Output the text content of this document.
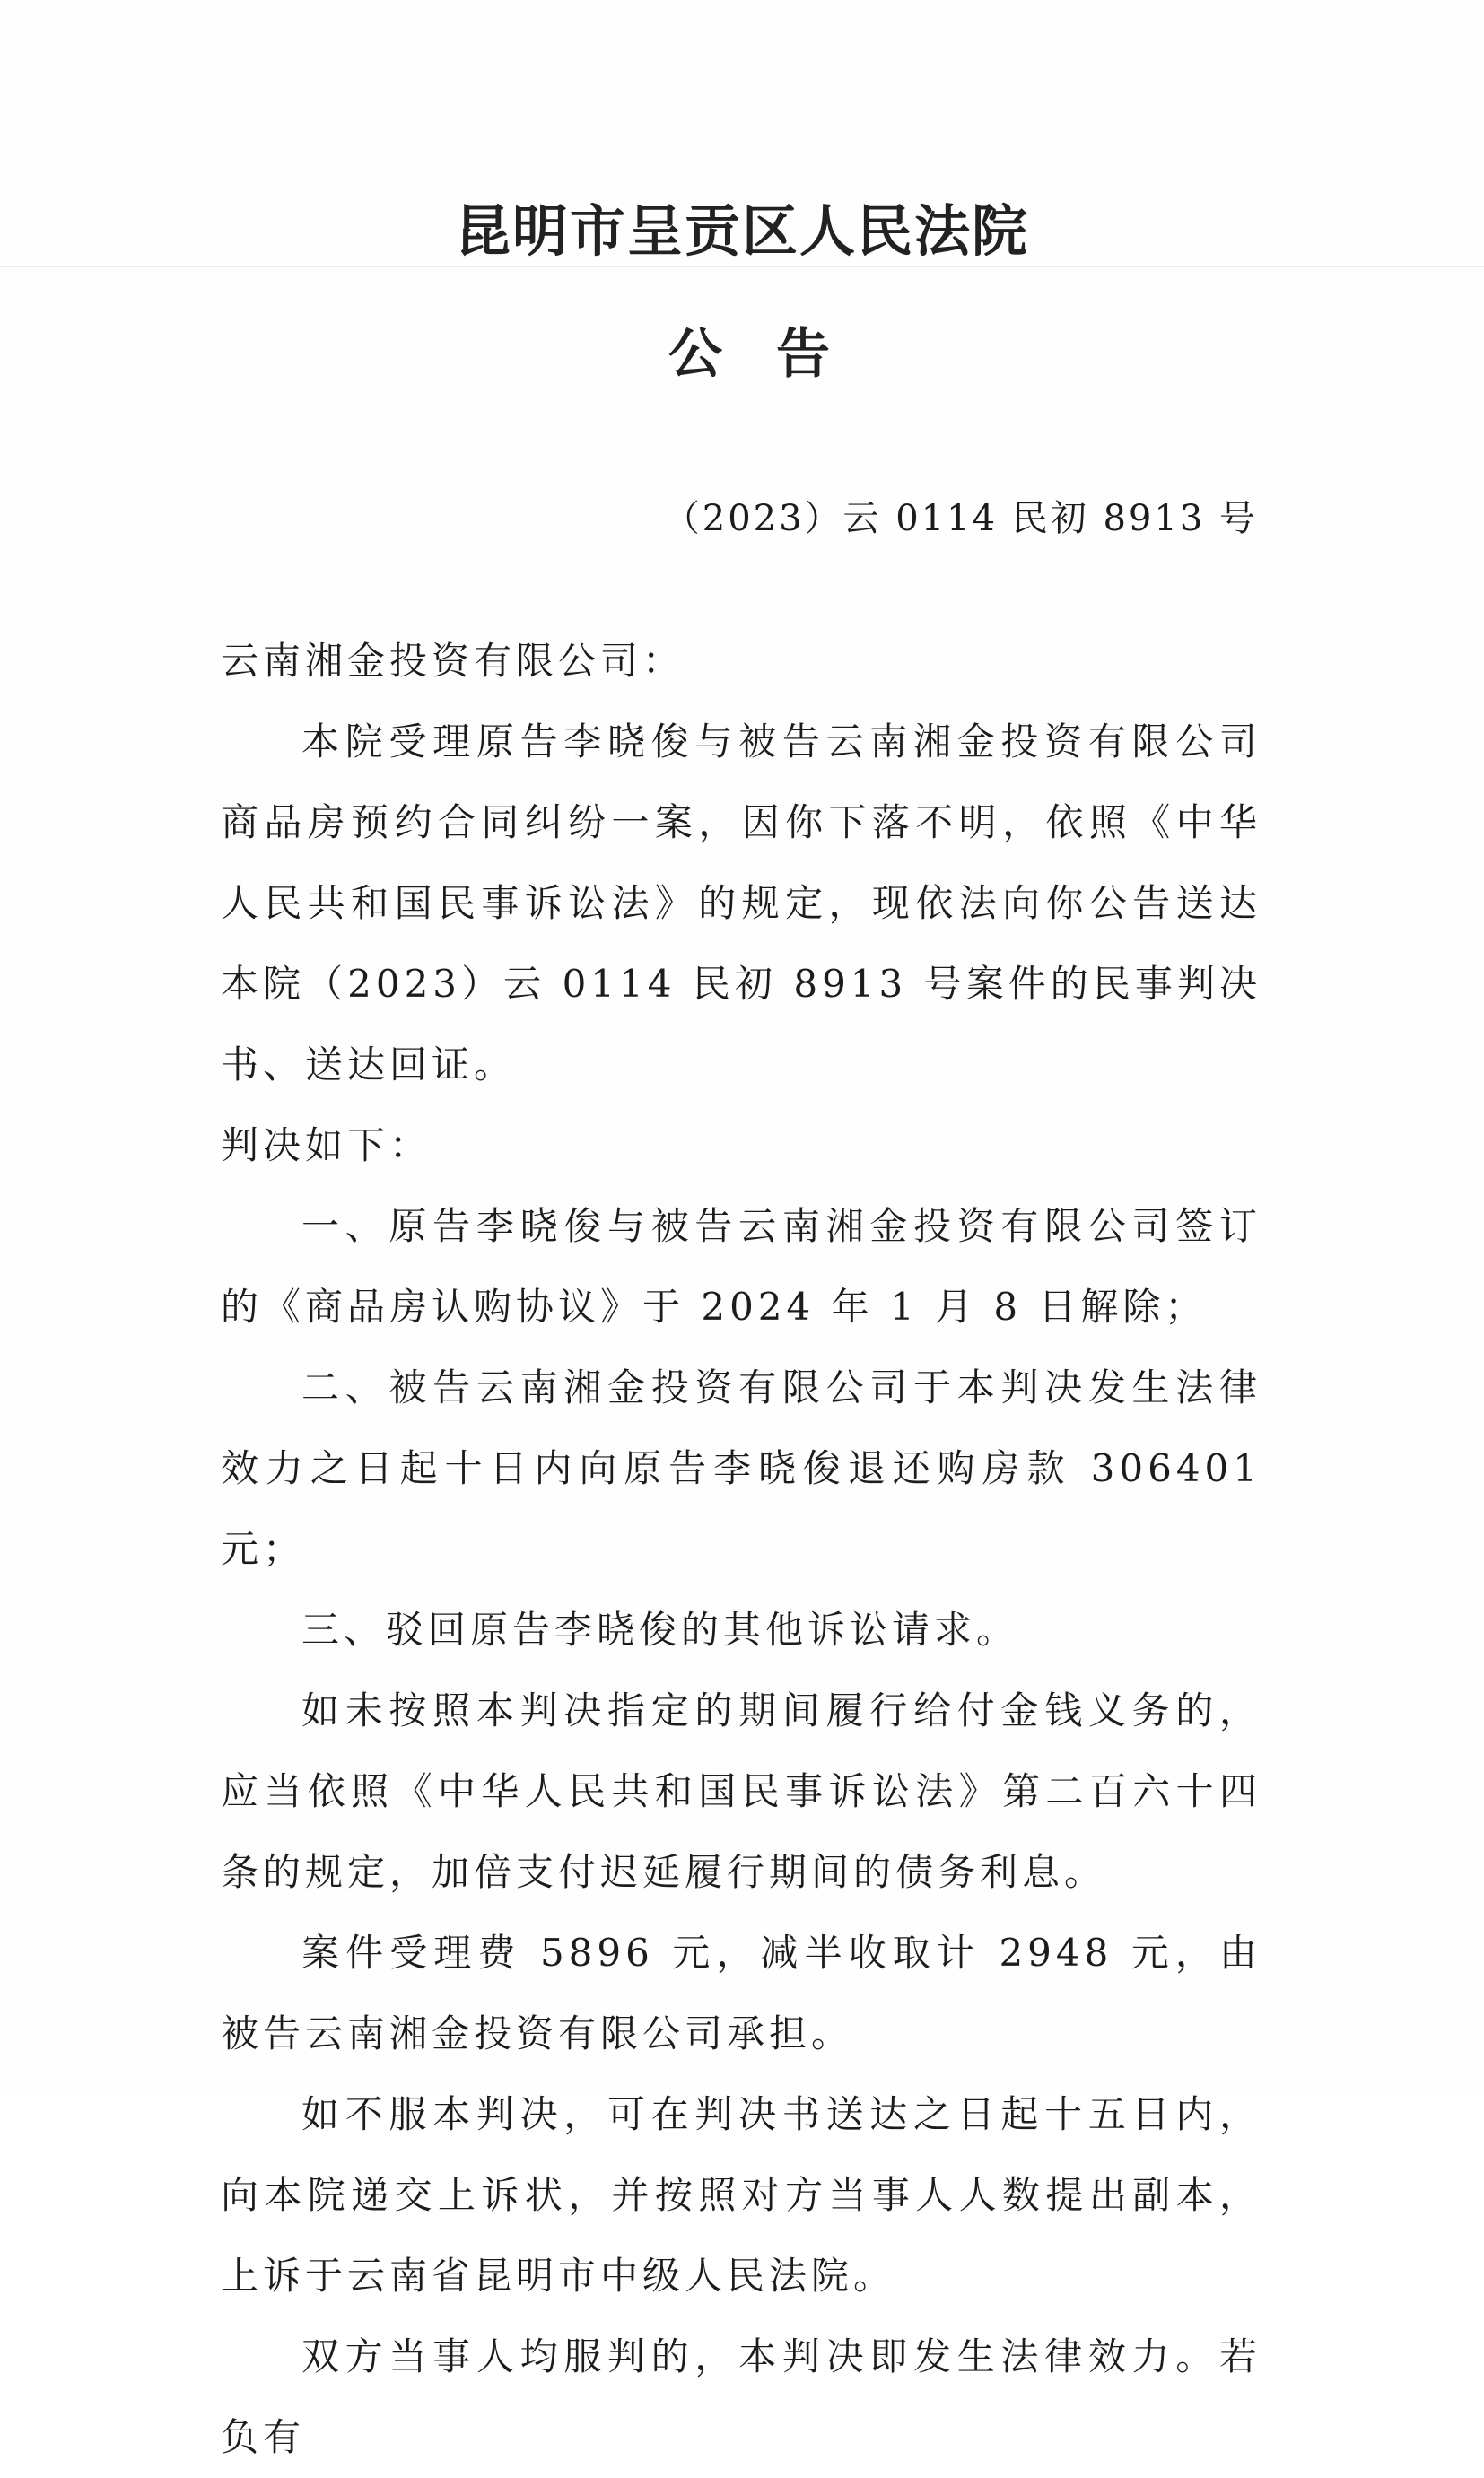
昆明市呈贡区人民法院
公　告
（2023）云 0114 民初 8913 号

云南湘金投资有限公司：

本院受理原告李晓俊与被告云南湘金投资有限公司商品房预约合同纠纷一案，因你下落不明，依照《中华人民共和国民事诉讼法》的规定，现依法向你公告送达本院（2023）云 0114 民初 8913 号案件的民事判决书、送达回证。

判决如下：

一、原告李晓俊与被告云南湘金投资有限公司签订的《商品房认购协议》于 2024 年 1 月 8 日解除；

二、被告云南湘金投资有限公司于本判决发生法律效力之日起十日内向原告李晓俊退还购房款 306401 元；

三、驳回原告李晓俊的其他诉讼请求。

如未按照本判决指定的期间履行给付金钱义务的，应当依照《中华人民共和国民事诉讼法》第二百六十四条的规定，加倍支付迟延履行期间的债务利息。

案件受理费 5896 元，减半收取计 2948 元，由被告云南湘金投资有限公司承担。

如不服本判决，可在判决书送达之日起十五日内，向本院递交上诉状，并按照对方当事人人数提出副本，上诉于云南省昆明市中级人民法院。

双方当事人均服判的，本判决即发生法律效力。若负有
